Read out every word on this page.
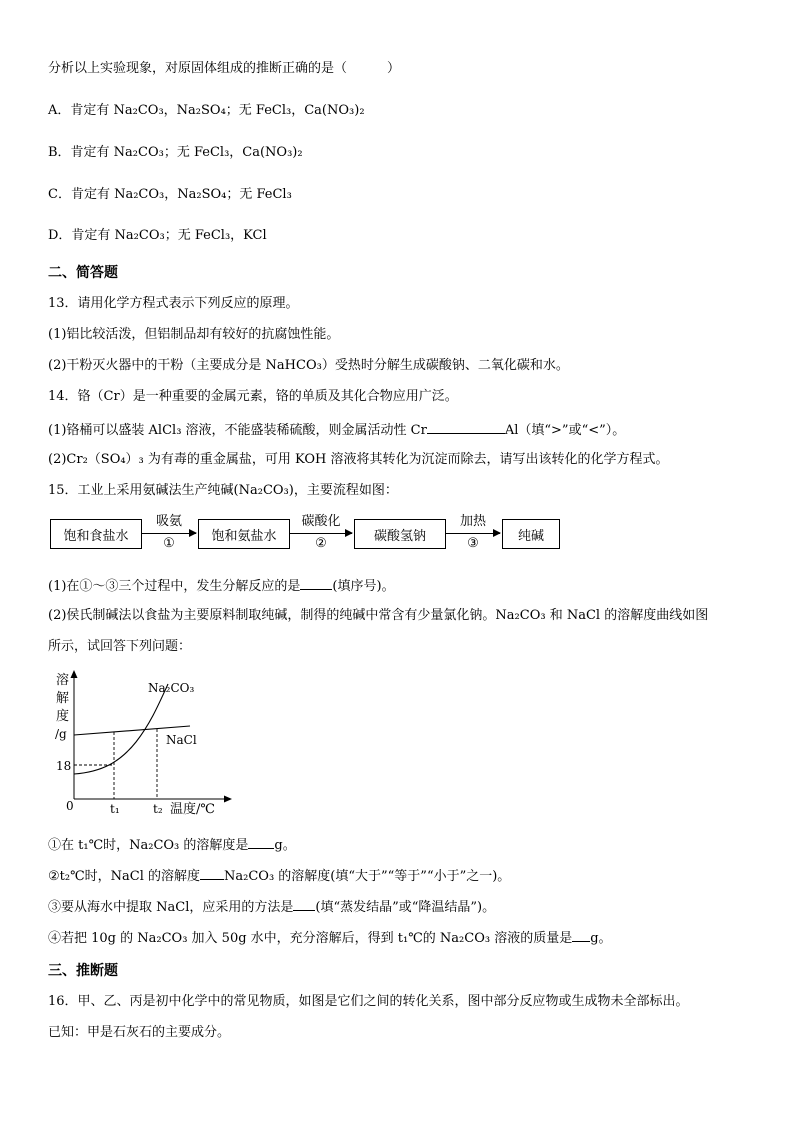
分析以上实验现象，对原固体组成的推断正确的是（	）
A．肯定有 Na₂CO₃，Na₂SO₄；无 FeCl₃，Ca(NO₃)₂
B．肯定有 Na₂CO₃；无 FeCl₃，Ca(NO₃)₂
C．肯定有 Na₂CO₃，Na₂SO₄；无 FeCl₃
D．肯定有 Na₂CO₃；无 FeCl₃，KCl
二、简答题
13．请用化学方程式表示下列反应的原理。
(1)铝比较活泼，但铝制品却有较好的抗腐蚀性能。
(2)干粉灭火器中的干粉（主要成分是 NaHCO₃）受热时分解生成碳酸钠、二氧化碳和水。
14．铬（Cr）是一种重要的金属元素，铬的单质及其化合物应用广泛。
(1)铬桶可以盛装 AlCl₃ 溶液，不能盛装稀硫酸，则金属活动性 Cr	Al（填“>”或“<”）。
(2)Cr₂（SO₄）₃ 为有毒的重金属盐，可用 KOH 溶液将其转化为沉淀而除去，请写出该转化的化学方程式。
15．工业上采用氨碱法生产纯碱(Na₂CO₃)，主要流程如图：
饱和食盐水
吸氨
①	饱和氨盐水
碳酸化
②	碳酸氢钠
加热
③	纯碱
(1)在①～③三个过程中，发生分解反应的是 (填序号)。
(2)侯氏制碱法以食盐为主要原料制取纯碱，制得的纯碱中常含有少量氯化钠。Na₂CO₃ 和 NaCl 的溶解度曲线如图
所示，试回答下列问题：
溶
解
度
/g
Na₂CO₃
NaCl
18
0	t₁	t₂ 温度/℃
①在 t₁℃时，Na₂CO₃ 的溶解度是 g。
②t₂℃时，NaCl 的溶解度 Na₂CO₃ 的溶解度(填“大于”“等于”“小于”之一)。
③要从海水中提取 NaCl，应采用的方法是 (填“蒸发结晶”或“降温结晶”)。
④若把 10g 的 Na₂CO₃ 加入 50g 水中，充分溶解后，得到 t₁℃的 Na₂CO₃ 溶液的质量是 g。
三、推断题
16．甲、乙、丙是初中化学中的常见物质，如图是它们之间的转化关系，图中部分反应物或生成物未全部标出。
已知：甲是石灰石的主要成分。
